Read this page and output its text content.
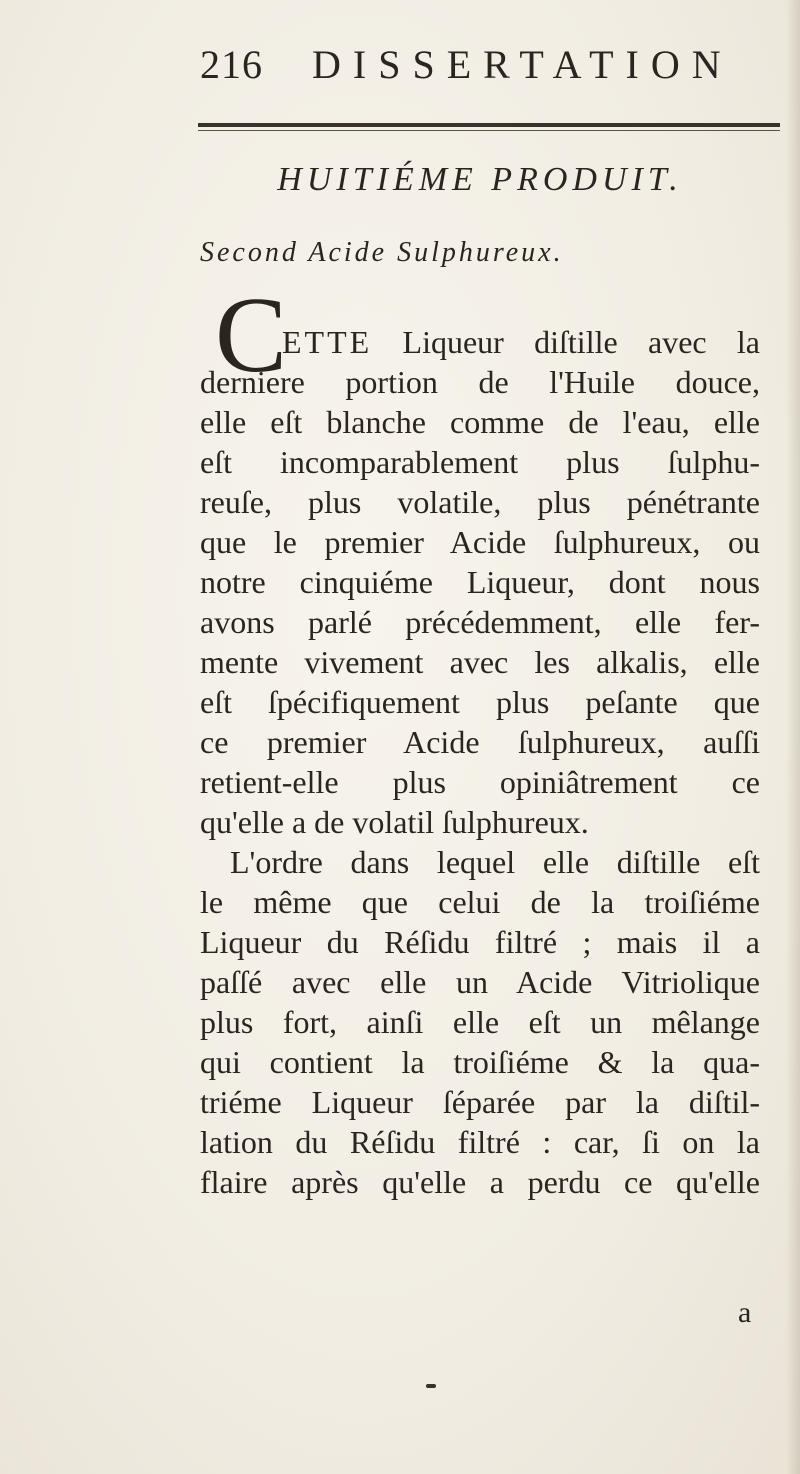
216 DISSERTATION
HUITIÉME PRODUIT.
Second Acide Sulphureux.
C
ETTE Liqueur diſtille avec la
derniere portion de l'Huile douce,
elle eſt blanche comme de l'eau, elle
eſt incomparablement plus ſulphu-
reuſe, plus volatile, plus pénétrante
que le premier Acide ſulphureux, ou
notre cinquiéme Liqueur, dont nous
avons parlé précédemment, elle fer-
mente vivement avec les alkalis, elle
eſt ſpécifiquement plus peſante que
ce premier Acide ſulphureux, auſſi
retient-elle plus opiniâtrement ce
qu'elle a de volatil ſulphureux.
L'ordre dans lequel elle diſtille eſt
le même que celui de la troiſiéme
Liqueur du Réſidu filtré ; mais il a
paſſé avec elle un Acide Vitriolique
plus fort, ainſi elle eſt un mêlange
qui contient la troiſiéme & la qua-
triéme Liqueur ſéparée par la diſtil-
lation du Réſidu filtré : car, ſi on la
flaire après qu'elle a perdu ce qu'elle
a
